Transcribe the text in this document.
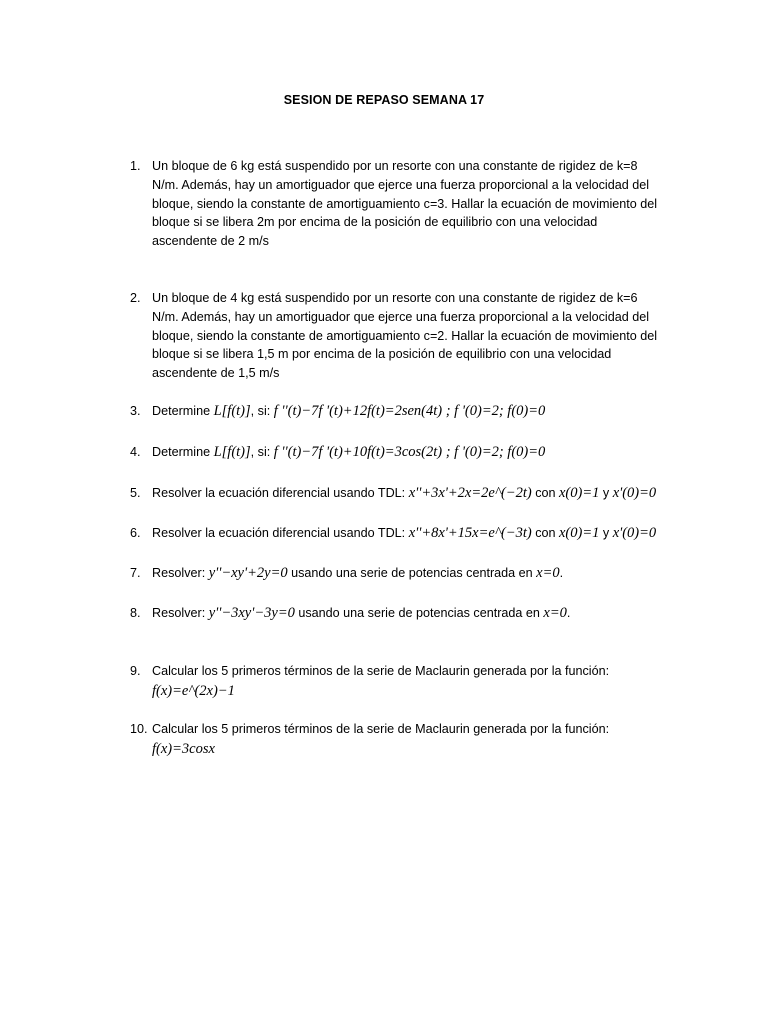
SESION DE REPASO SEMANA 17
1. Un bloque de 6 kg está suspendido por un resorte con una constante de rigidez de k=8 N/m. Además, hay un amortiguador que ejerce una fuerza proporcional a la velocidad del bloque, siendo la constante de amortiguamiento c=3. Hallar la ecuación de movimiento del bloque si se libera 2m por encima de la posición de equilibrio con una velocidad ascendente de 2 m/s
2. Un bloque de 4 kg está suspendido por un resorte con una constante de rigidez de k=6 N/m. Además, hay un amortiguador que ejerce una fuerza proporcional a la velocidad del bloque, siendo la constante de amortiguamiento c=2. Hallar la ecuación de movimiento del bloque si se libera 1,5 m por encima de la posición de equilibrio con una velocidad ascendente de 1,5 m/s
3. Determine L[f(t)], si: f ''(t)−7f '(t)+12f(t)=2sen(4t) ; f '(0)=2; f(0)=0
4. Determine L[f(t)], si: f ''(t)−7f '(t)+10f(t)=3cos(2t) ; f '(0)=2; f(0)=0
5. Resolver la ecuación diferencial usando TDL: x''+3x'+2x=2e^(−2t) con x(0)=1 y x'(0)=0
6. Resolver la ecuación diferencial usando TDL: x''+8x'+15x=e^(−3t) con x(0)=1 y x'(0)=0
7. Resolver: y''−xy'+2y=0 usando una serie de potencias centrada en x=0.
8. Resolver: y''−3xy'−3y=0 usando una serie de potencias centrada en x=0.
9. Calcular los 5 primeros términos de la serie de Maclaurin generada por la función:
f(x)=e^(2x)−1
10. Calcular los 5 primeros términos de la serie de Maclaurin generada por la función:
f(x)=3cosx
